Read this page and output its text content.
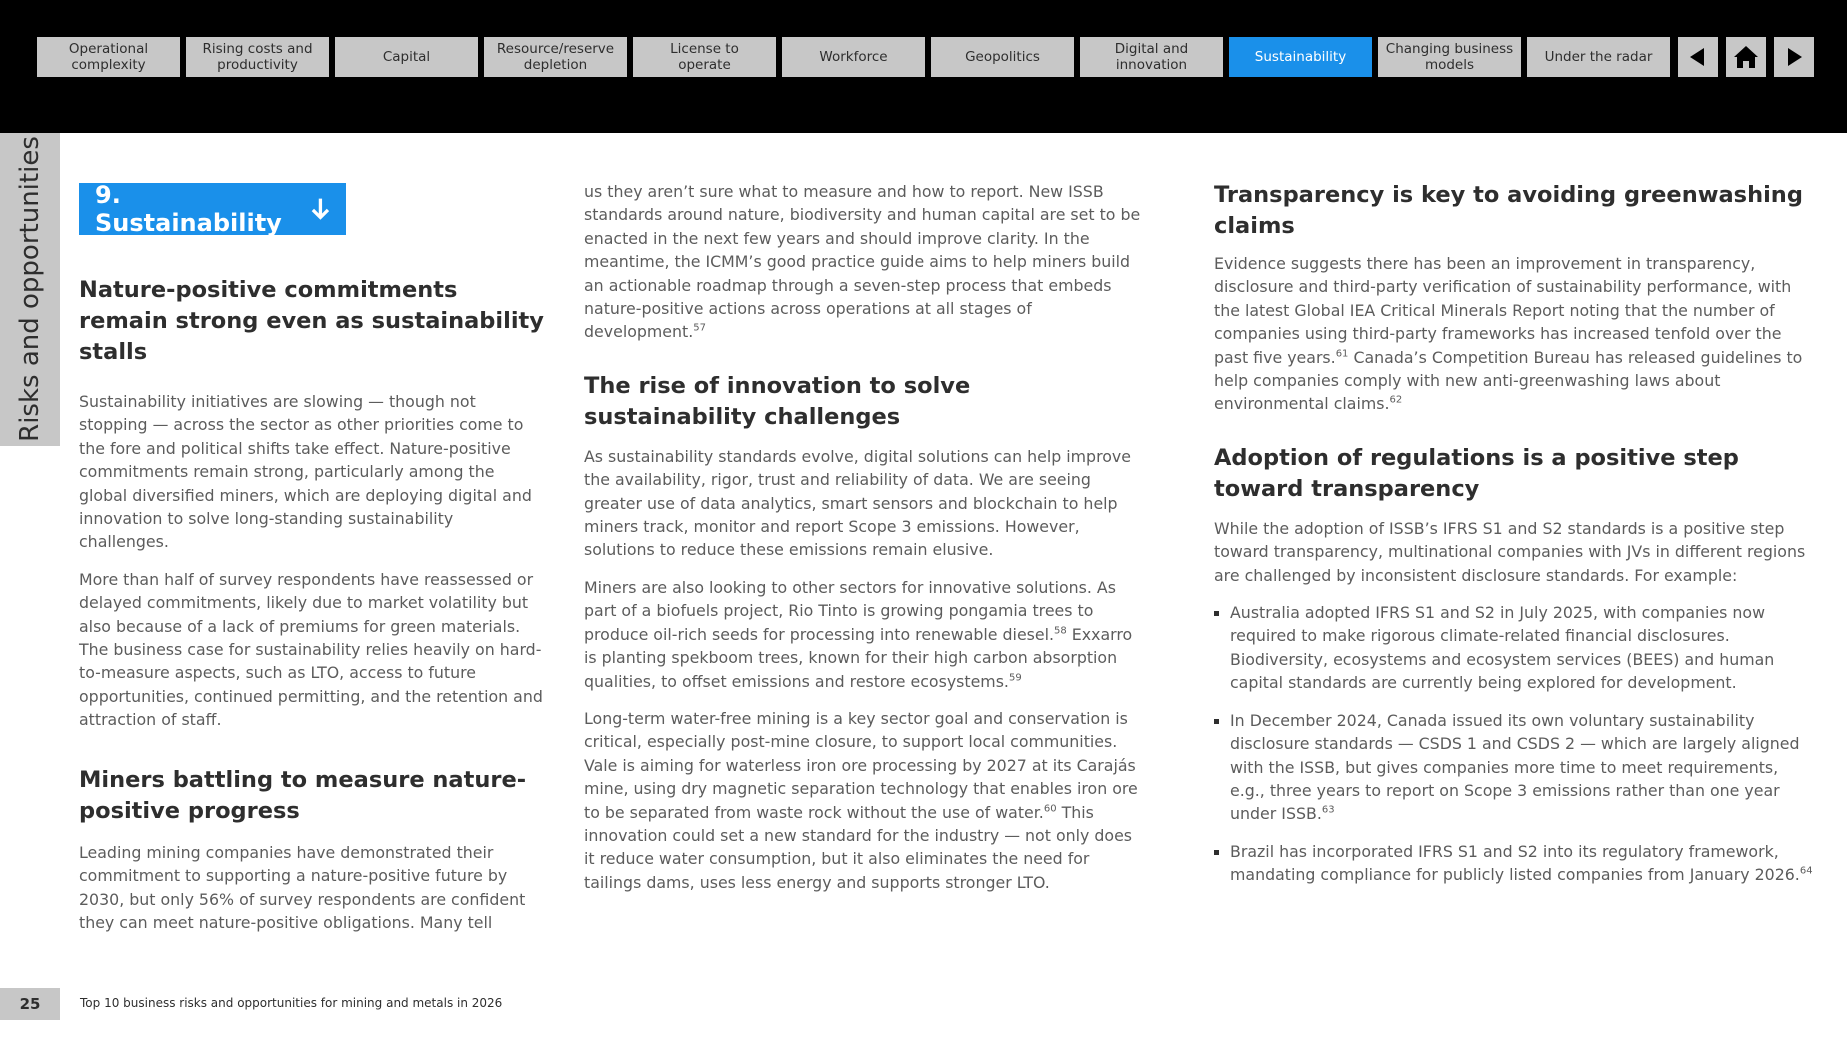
Operational
complexity
Rising costs and
productivity	Capital	Resource/reserve
depletion
License to
operate	Workforce	Geopolitics	Digital and
innovation	Sustainability	Changing business
models	Under the radar
Risks and opportunities 9. Sustainability
Nature-positive commitments remain strong even as sustainability stalls

Sustainability initiatives are slowing — though not stopping — across the sector as other priorities come to the fore and political shifts take effect. Nature-positive commitments remain strong, particularly among the global diversified miners, which are deploying digital and innovation to solve long-standing sustainability challenges.

More than half of survey respondents have reassessed or delayed commitments, likely due to market volatility but also because of a lack of premiums for green materials. The business case for sustainability relies heavily on hard-to-measure aspects, such as LTO, access to future opportunities, continued permitting, and the retention and attraction of staff.

Miners battling to measure nature-positive progress

Leading mining companies have demonstrated their commitment to supporting a nature-positive future by 2030, but only 56% of survey respondents are confident they can meet nature-positive obligations. Many tell

us they aren’t sure what to measure and how to report. New ISSB standards around nature, biodiversity and human capital are set to be enacted in the next few years and should improve clarity. In the meantime, the ICMM’s good practice guide aims to help miners build an actionable roadmap through a seven-step process that embeds nature-positive actions across operations at all stages of development.$^{57}$

The rise of innovation to solve sustainability challenges

As sustainability standards evolve, digital solutions can help improve the availability, rigor, trust and reliability of data. We are seeing greater use of data analytics, smart sensors and blockchain to help miners track, monitor and report Scope 3 emissions. However, solutions to reduce these emissions remain elusive.

Miners are also looking to other sectors for innovative solutions. As part of a biofuels project, Rio Tinto is growing pongamia trees to produce oil-rich seeds for processing into renewable diesel.$^{58}$ Exxarro is planting spekboom trees, known for their high carbon absorption qualities, to offset emissions and restore ecosystems.$^{59}$

Long-term water-free mining is a key sector goal and conservation is critical, especially post-mine closure, to support local communities. Vale is aiming for waterless iron ore processing by 2027 at its Carajás mine, using dry magnetic separation technology that enables iron ore to be separated from waste rock without the use of water.$^{60}$ This innovation could set a new standard for the industry — not only does it reduce water consumption, but it also eliminates the need for tailings dams, uses less energy and supports stronger LTO.

Transparency is key to avoiding greenwashing claims

Evidence suggests there has been an improvement in transparency, disclosure and third-party verification of sustainability performance, with the latest Global IEA Critical Minerals Report noting that the number of companies using third-party frameworks has increased tenfold over the past five years.$^{61}$ Canada’s Competition Bureau has released guidelines to help companies comply with new anti-greenwashing laws about environmental claims.$^{62}$

Adoption of regulations is a positive step toward transparency

While the adoption of ISSB’s IFRS S1 and S2 standards is a positive step toward transparency, multinational companies with JVs in different regions are challenged by inconsistent disclosure standards. For example:

Australia adopted IFRS S1 and S2 in July 2025, with companies now required to make rigorous climate-related financial disclosures. Biodiversity, ecosystems and ecosystem services (BEES) and human capital standards are currently being explored for development.
In December 2024, Canada issued its own voluntary sustainability disclosure standards — CSDS 1 and CSDS 2 — which are largely aligned with the ISSB, but gives companies more time to meet requirements, e.g., three years to report on Scope 3 emissions rather than one year under ISSB.$^{63}$
Brazil has incorporated IFRS S1 and S2 into its regulatory framework, mandating compliance for publicly listed companies from January 2026.64
25	Top 10 business risks and opportunities for mining and metals in 2026
